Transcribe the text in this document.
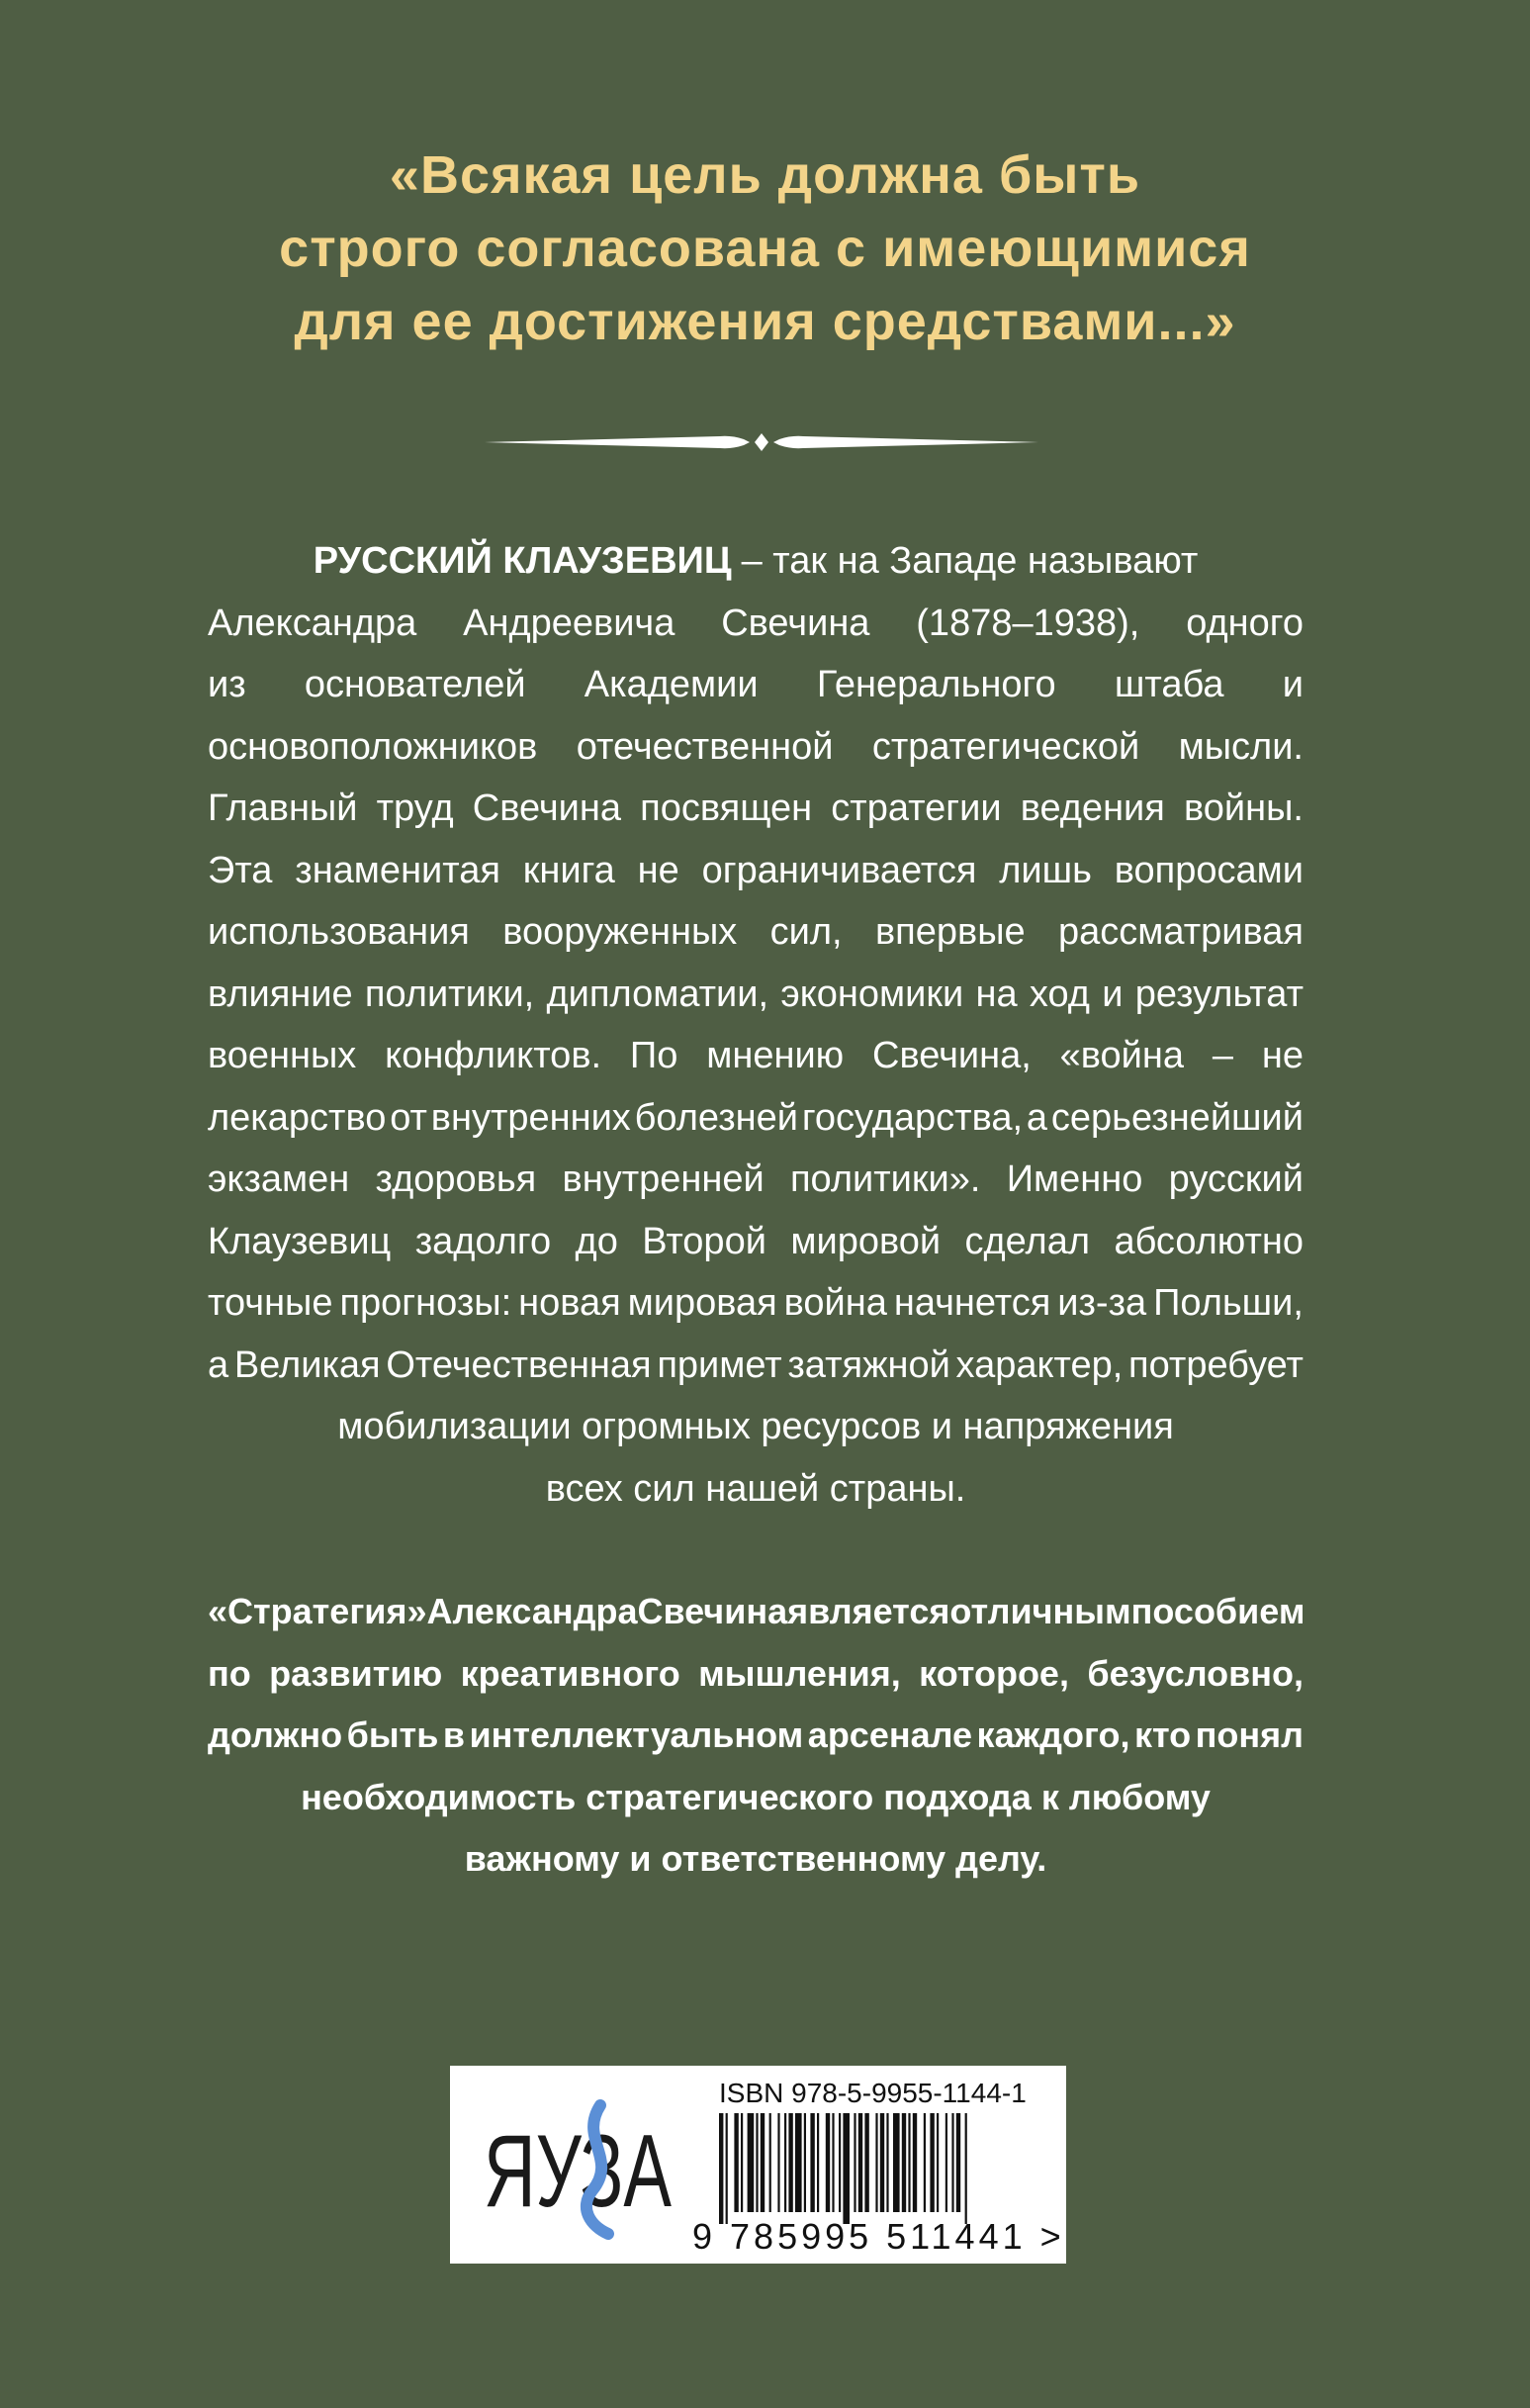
«Всякая цель должна быть
строго согласована с имеющимися
для ее достижения средствами...»
РУССКИЙ КЛАУЗЕВИЦ – так на Западе называют
Александра Андреевича Свечина (1878–1938), одного
из основателей Академии Генерального штаба и
основоположников отечественной стратегической мысли.
Главный труд Свечина посвящен стратегии ведения войны.
Эта знаменитая книга не ограничивается лишь вопросами
использования вооруженных сил, впервые рассматривая
влияние политики, дипломатии, экономики на ход и результат
военных конфликтов. По мнению Свечина, «война – не
лекарство от внутренних болезней государства, а серьезнейший
экзамен здоровья внутренней политики». Именно русский
Клаузевиц задолго до Второй мировой сделал абсолютно
точные прогнозы: новая мировая война начнется из-за Польши,
а Великая Отечественная примет затяжной характер, потребует
мобилизации огромных ресурсов и напряжения
всех сил нашей страны.
«Стратегия» Александра Свечина является отличным пособием
по развитию креативного мышления, которое, безусловно,
должно быть в интеллектуальном арсенале каждого, кто понял
необходимость стратегического подхода к любому
важному и ответственному делу.
ЯУЗА
ISBN 978-5-9955-1144-1
9 785995 511441 >
